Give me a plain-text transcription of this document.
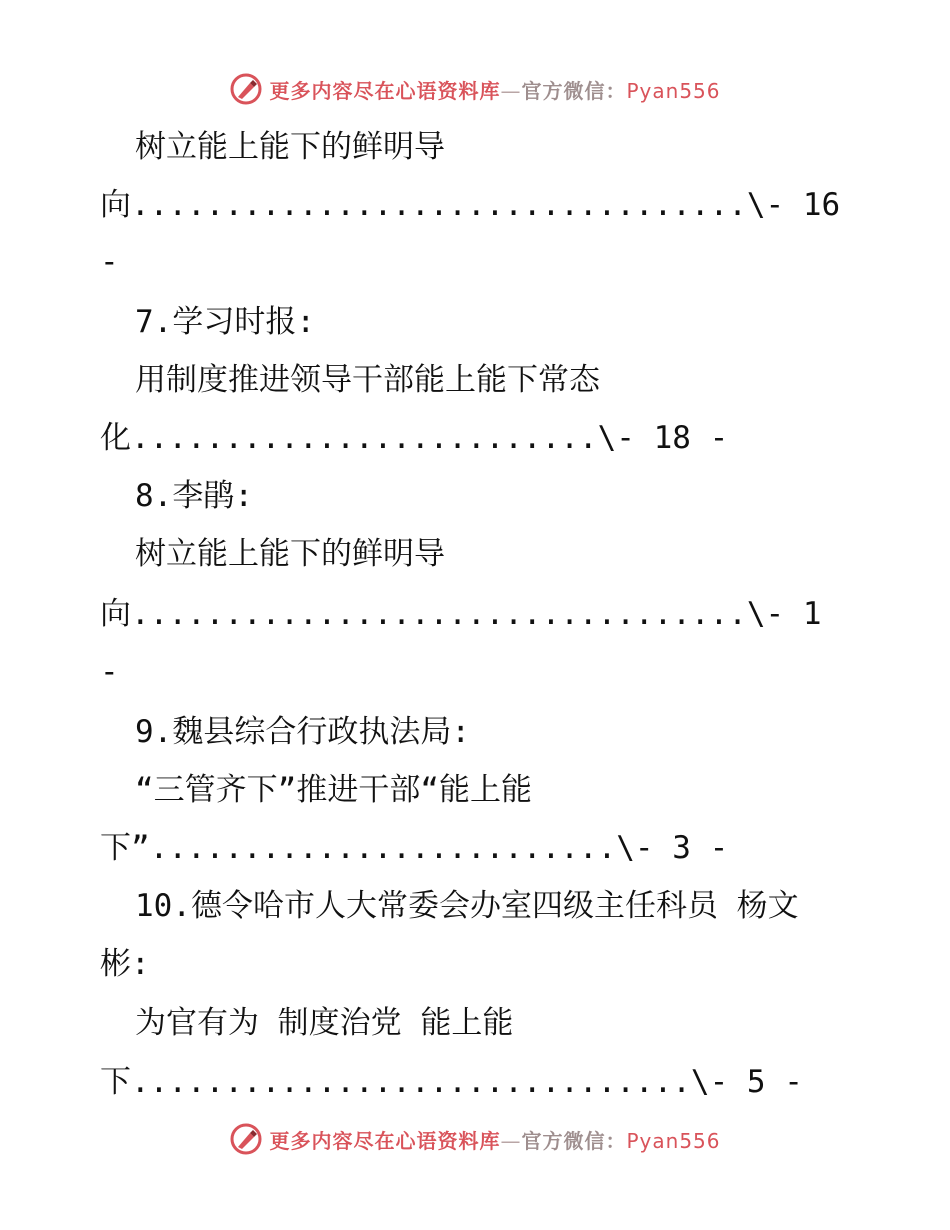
更多内容尽在心语资料库—官方微信：Pyan556
树立能上能下的鲜明导
向.................................\- 16
-
7.学习时报:
用制度推进领导干部能上能下常态
化.........................\- 18 -
8.李鹃:
树立能上能下的鲜明导
向.................................\- 1
-
9.魏县综合行政执法局:
“三管齐下”推进干部“能上能
下”.........................\- 3 -
10.德令哈市人大常委会办室四级主任科员 杨文
彬:
为官有为 制度治党 能上能
下..............................\- 5 -
更多内容尽在心语资料库—官方微信：Pyan556
